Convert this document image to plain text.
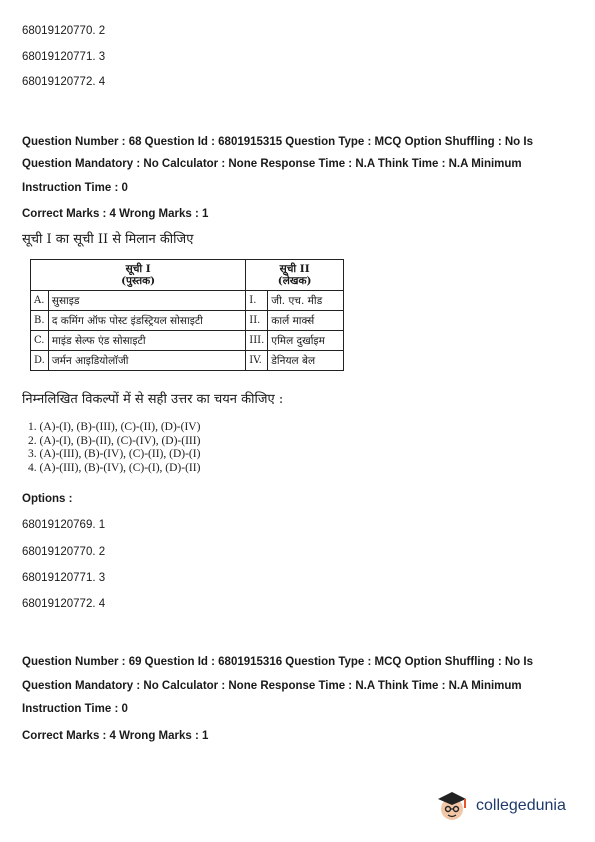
68019120770. 2
68019120771. 3
68019120772. 4
Question Number : 68 Question Id : 6801915315 Question Type : MCQ Option Shuffling : No Is
Question Mandatory : No Calculator : None Response Time : N.A Think Time : N.A Minimum
Instruction Time : 0
Correct Marks : 4 Wrong Marks : 1
सूची I का सूची II से मिलान कीजिए
सूची I
(पुस्तक)		सूची II
(लेखक)	

A.	सुसाइड	I.	जी. एच. मीड
B.	द कमिंग ऑफ पोस्ट इंडस्ट्रियल सोसाइटी	II.	कार्ल मार्क्स
C.	माइंड सेल्फ एंड सोसाइटी	III.	एमिल दुर्खाइम
D.	जर्मन आइडियोलॉजी	IV.	डेनियल बेल
निम्नलिखित विकल्पों में से सही उत्तर का चयन कीजिए :
1. (A)-(I), (B)-(III), (C)-(II), (D)-(IV)
2. (A)-(I), (B)-(II), (C)-(IV), (D)-(III)
3. (A)-(III), (B)-(IV), (C)-(II), (D)-(I)
4. (A)-(III), (B)-(IV), (C)-(I), (D)-(II)
Options :
68019120769. 1
68019120770. 2
68019120771. 3
68019120772. 4
Question Number : 69 Question Id : 6801915316 Question Type : MCQ Option Shuffling : No Is
Question Mandatory : No Calculator : None Response Time : N.A Think Time : N.A Minimum
Instruction Time : 0
Correct Marks : 4 Wrong Marks : 1
collegedunia
